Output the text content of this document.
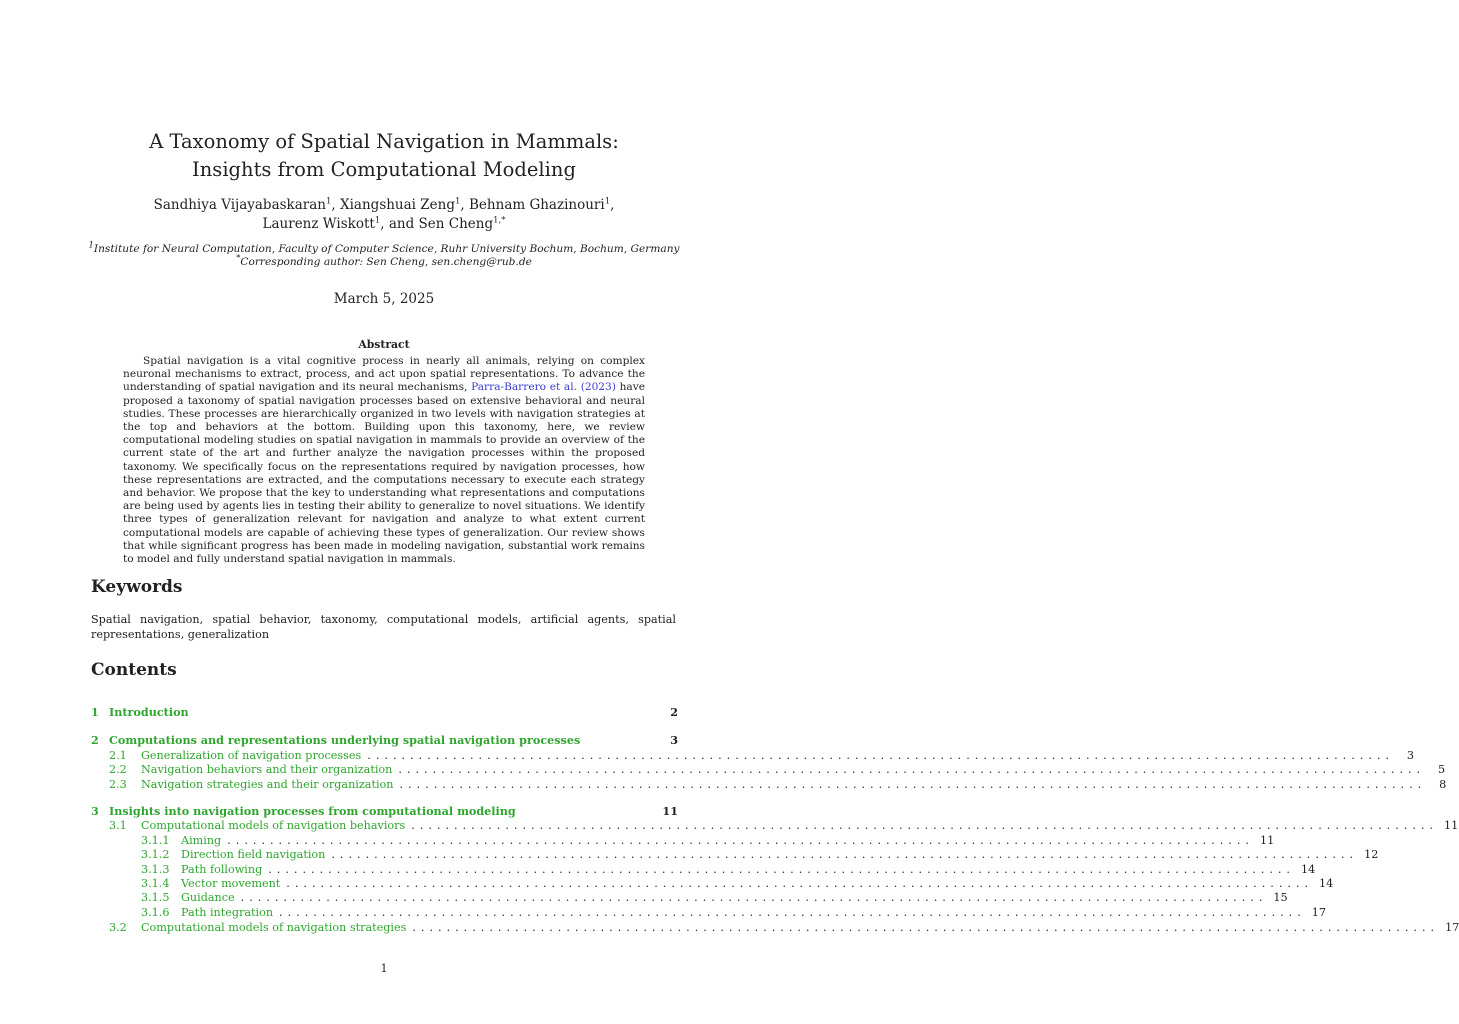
A Taxonomy of Spatial Navigation in Mammals:
Insights from Computational Modeling
Sandhiya Vijayabaskaran$^1$, Xiangshuai Zeng$^1$, Behnam Ghazinouri$^1$,
Laurenz Wiskott$^1$, and Sen Cheng$^{1,*}$
$^1$Institute for Neural Computation, Faculty of Computer Science, Ruhr University Bochum, Bochum, Germany
*Corresponding author: Sen Cheng, sen.cheng@rub.de
March 5, 2025
Abstract

Spatial navigation is a vital cognitive process in nearly all animals, relying on complex neuronal mechanisms to extract, process, and act upon spatial representations. To advance the understanding of spatial navigation and its neural mechanisms, Parra-Barrero et al. (2023) have proposed a taxonomy of spatial navigation processes based on extensive behavioral and neural studies. These processes are hierarchically organized in two levels with navigation strategies at the top and behaviors at the bottom. Building upon this taxonomy, here, we review computational modeling studies on spatial navigation in mammals to provide an overview of the current state of the art and further analyze the navigation processes within the proposed taxonomy. We specifically focus on the representations required by navigation processes, how these representations are extracted, and the computations necessary to execute each strategy and behavior. We propose that the key to understanding what representations and computations are being used by agents lies in testing their ability to generalize to novel situations. We identify three types of generalization relevant for navigation and analyze to what extent current computational models are capable of achieving these types of generalization. Our review shows that while significant progress has been made in modeling navigation, substantial work remains to model and fully understand spatial navigation in mammals.

Keywords
Spatial navigation, spatial behavior, taxonomy, computational models, artificial agents, spatial representations, generalization
Contents
1 Introduction	2
2 Computations and representations underlying spatial navigation processes	3
2.1	Generalization of navigation processes ........................................................................................................................	3
2.2	Navigation behaviors and their organization ........................................................................................................................	5
2.3	Navigation strategies and their organization ........................................................................................................................	8
3 Insights into navigation processes from computational modeling	11
3.1	Computational models of navigation behaviors ........................................................................................................................ 11
3.1.1	Aiming ........................................................................................................................ 11
3.1.2	Direction field navigation ........................................................................................................................ 12
3.1.3	Path following ........................................................................................................................ 14
3.1.4	Vector movement ........................................................................................................................ 14
3.1.5	Guidance ........................................................................................................................ 15
3.1.6	Path integration ........................................................................................................................ 17
3.2	Computational models of navigation strategies ........................................................................................................................ 17
1
